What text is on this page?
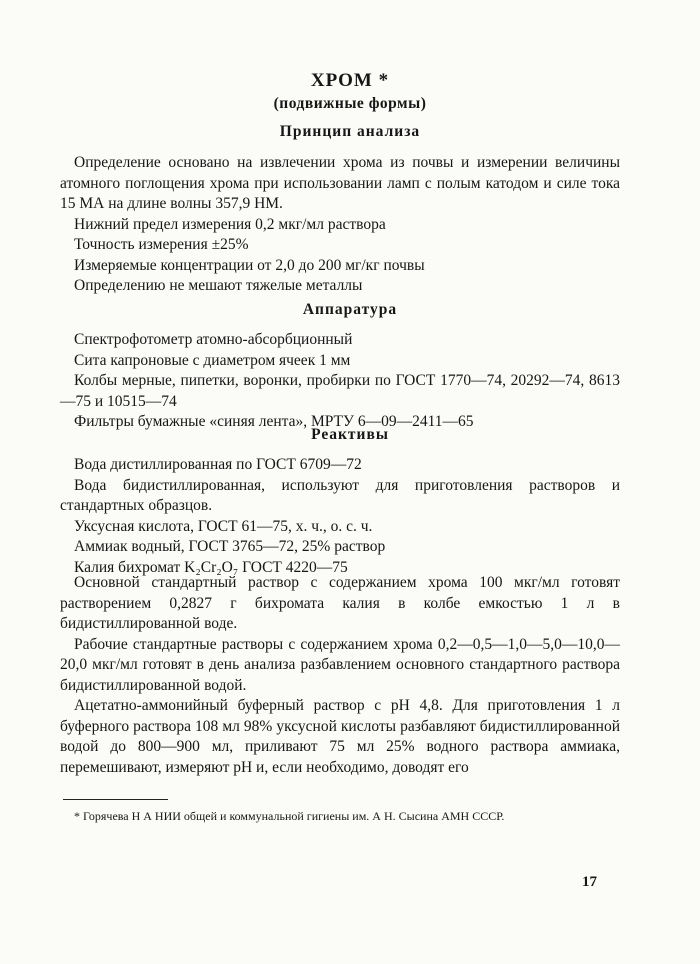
ХРОМ *
(подвижные формы)
Принцип анализа

Определение основано на извлечении хрома из почвы и измерении величины атомного поглощения хрома при использовании ламп с полым катодом и силе тока 15 МА на длине волны 357,9 НМ.

Нижний предел измерения 0,2 мкг/мл раствора
Точность измерения ±25%
Измеряемые концентрации от 2,0 до 200 мг/кг почвы
Определению не мешают тяжелые металлы
Аппаратура
Спектрофотометр атомно-абсорбционный
Сита капроновые с диаметром ячеек 1 мм
Колбы мерные, пипетки, воронки, пробирки по ГОСТ 1770—74, 20292—74, 8613—75 и 10515—74
Фильтры бумажные «синяя лента», МРТУ 6—09—2411—65
Реактивы
Вода дистиллированная по ГОСТ 6709—72
Вода бидистиллированная, используют для приготовления растворов и стандартных образцов.
Уксусная кислота, ГОСТ 61—75, х. ч., о. с. ч.
Аммиак водный, ГОСТ 3765—72, 25% раствор
Калия бихромат K₂Cr₂O₇ ГОСТ 4220—75

Основной стандартный раствор с содержанием хрома 100 мкг/мл готовят растворением 0,2827 г бихромата калия в колбе емкостью 1 л в бидистиллированной воде.

Рабочие стандартные растворы с содержанием хрома 0,2—0,5—1,0—5,0—10,0—20,0 мкг/мл готовят в день анализа разбавлением основного стандартного раствора бидистиллированной водой.

Ацетатно-аммонийный буферный раствор с рН 4,8. Для приготовления 1 л буферного раствора 108 мл 98% уксусной кислоты разбавляют бидистиллированной водой до 800—900 мл, приливают 75 мл 25% водного раствора аммиака, перемешивают, измеряют рН и, если необходимо, доводят его

* Горячева Н А НИИ общей и коммунальной гигиены им. А Н. Сысина АМН СССР.

17
